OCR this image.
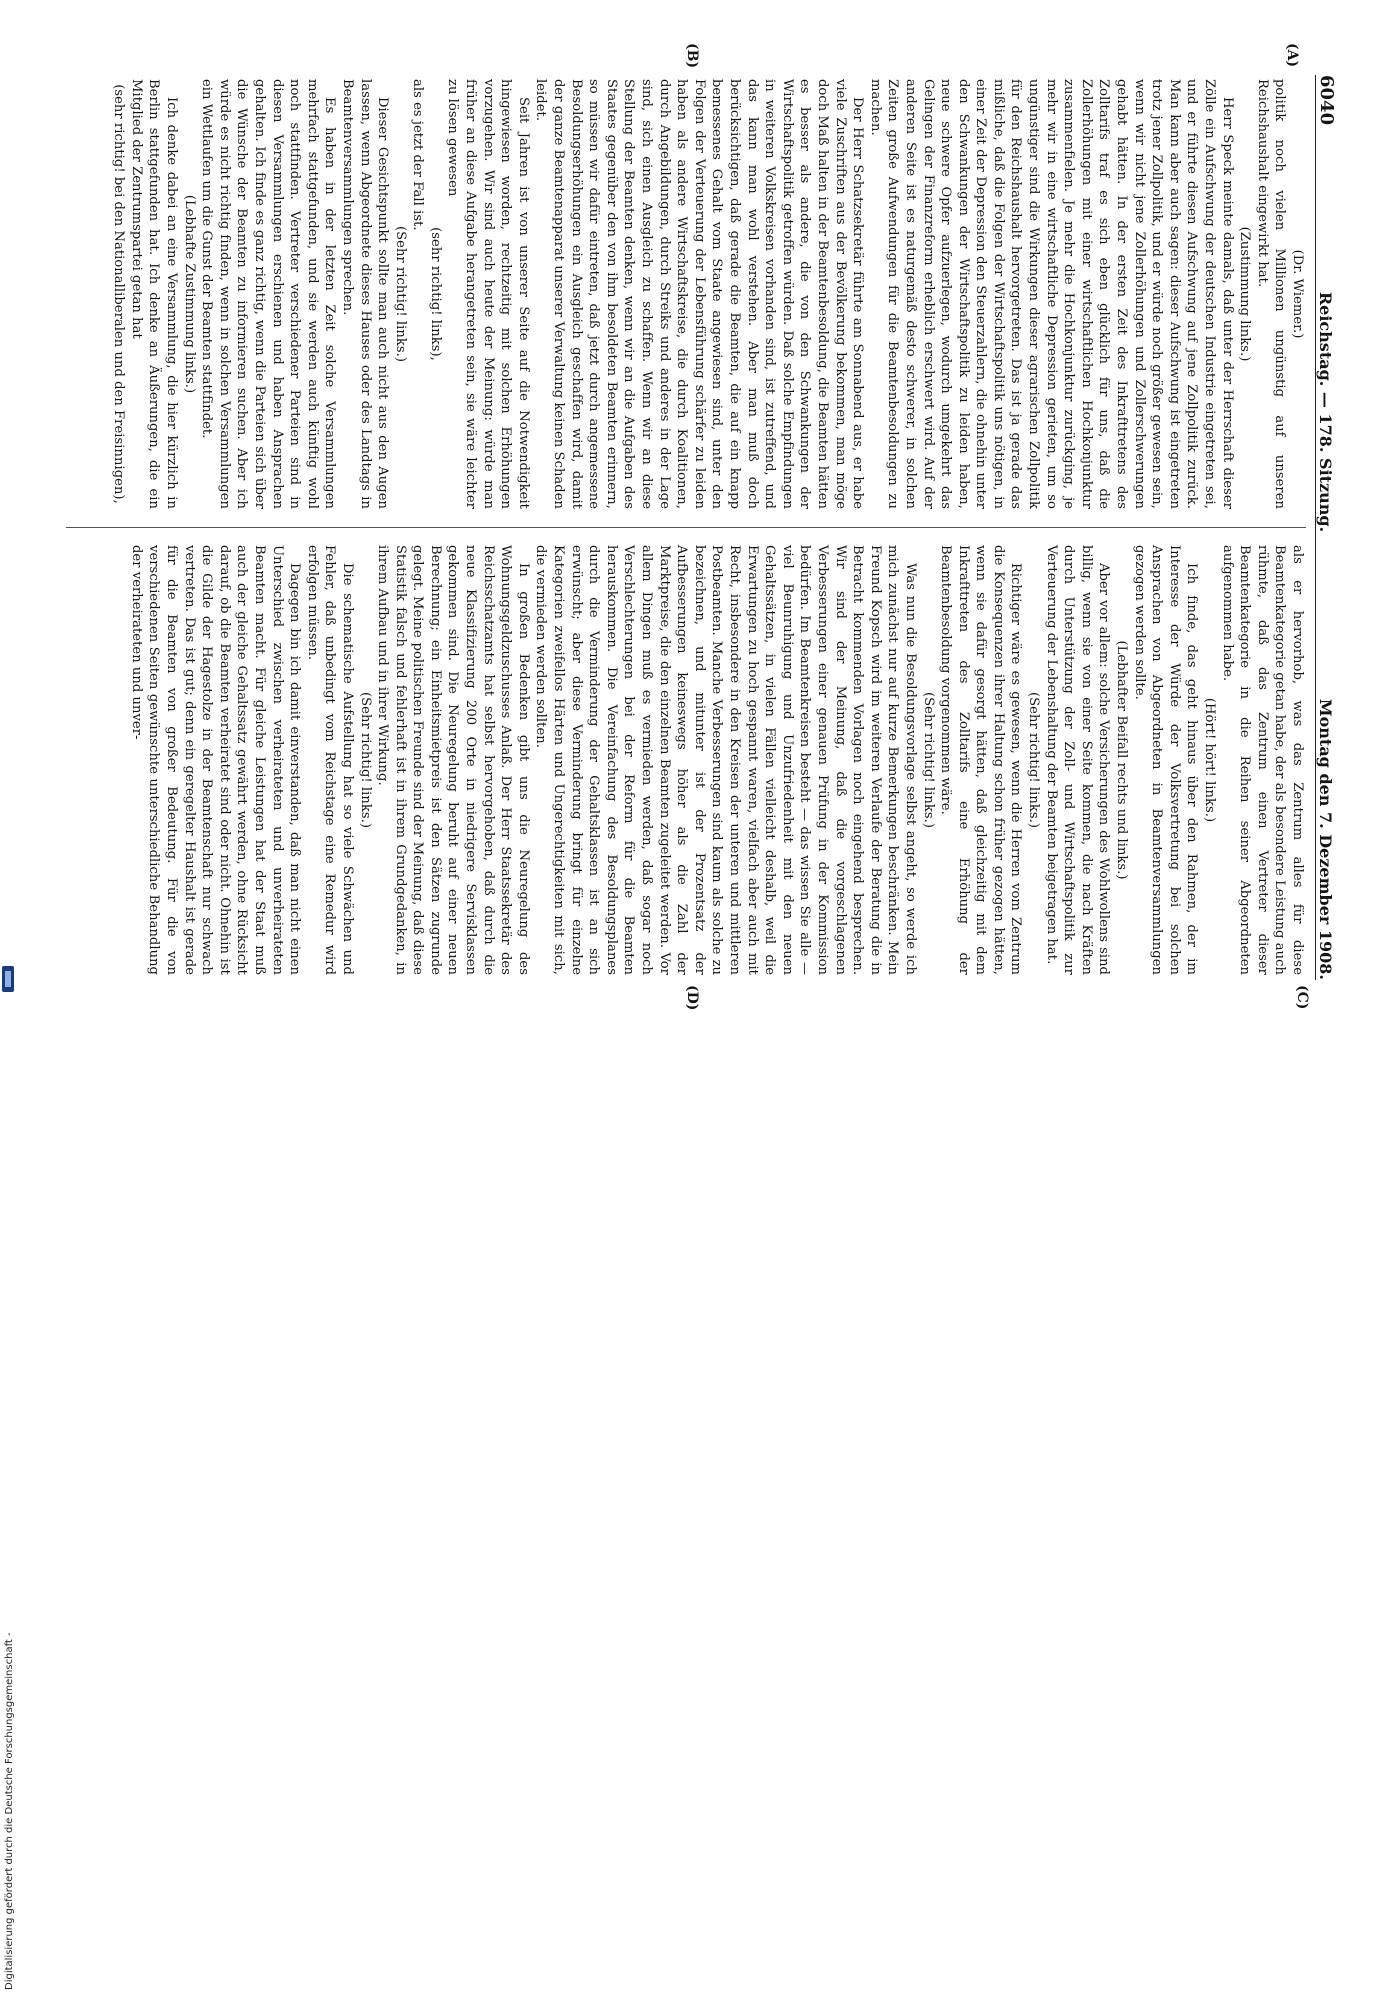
6040
Reichstag. — 178. Sitzung.
Montag den 7. Dezember 1908.

(Dr. Wiemer.)

politik noch vielen Millionen ungünstig auf unseren Reichshaushalt eingewirkt hat.

(Zustimmung links.)

Herr Speck meinte damals, daß unter der Herrschaft dieser Zölle ein Aufschwung der deutschen Industrie eingetreten sei, und er führte diesen Aufschwung auf jene Zollpolitik zurück. Man kann aber auch sagen: dieser Aufschwung ist eingetreten trotz jener Zollpolitik, und er würde noch größer gewesen sein, wenn wir nicht jene Zollerhöhungen und Zollerschwerungen gehabt hätten. In der ersten Zeit des Inkrafttretens des Zolltarifs traf es sich eben glücklich für uns, daß die Zollerhöhungen mit einer wirtschaftlichen Hochkonjunktur zusammenfielen. Je mehr die Hochkonjunktur zurückging, je mehr wir in eine wirtschaftliche Depression gerieten, um so ungünstiger sind die Wirkungen dieser agrarischen Zollpolitik für den Reichshaushalt hervorgetreten. Das ist ja gerade das mißliche, daß die Folgen der Wirtschaftspolitik uns nötigen, in einer Zeit der Depression den Steuerzahlern, die ohnehin unter den Schwankungen der Wirtschaftspolitik zu leiden haben, neue schwere Opfer aufzuerlegen, wodurch umgekehrt das Gelingen der Finanzreform erheblich erschwert wird. Auf der anderen Seite ist es naturgemäß desto schwerer, in solchen Zeiten große Aufwendungen für die Beamtenbesoldungen zu machen.

Der Herr Schatzsekretär führte am Sonnabend aus, er habe viele Zuschriften aus der Bevölkerung bekommen, man möge doch Maß halten in der Beamtenbesoldung, die Beamten hätten es besser als andere, die von den Schwankungen der Wirtschaftspolitik getroffen würden. Daß solche Empfindungen in weiteren Volkskreisen vorhanden sind, ist zutreffend, und das kann man wohl verstehen. Aber man muß doch berücksichtigen, daß gerade die Beamten, die auf ein knapp bemessenes Gehalt vom Staate angewiesen sind, unter den Folgen der Verteuerung der Lebensführung schärfer zu leiden haben als andere Wirtschaftskreise, die durch Koalitionen, durch Angebildungen, durch Streiks und anderes in der Lage sind, sich einen Ausgleich zu schaffen. Wenn wir an diese Stellung der Beamten denken, wenn wir an die Aufgaben des Staates gegenüber den von ihm besoldeten Beamten erinnern, so müssen wir dafür eintreten, daß jetzt durch angemessene Besoldungserhöhungen ein Ausgleich geschaffen wird, damit der ganze Beamtenapparat unserer Verwaltung keinen Schaden leidet.

Seit Jahren ist von unserer Seite auf die Notwendigkeit hingewiesen worden, rechtzeitig mit solchen Erhöhungen vorzugehen. Wir sind auch heute der Meinung: würde man früher an diese Aufgabe herangetreten sein, sie wäre leichter zu lösen gewesen

(sehr richtig! links),

als es jetzt der Fall ist.

(Sehr richtig! links.)

Dieser Gesichtspunkt sollte man auch nicht aus den Augen lassen, wenn Abgeordnete dieses Hauses oder des Landtags in Beamtenversammlungen sprechen.

Es haben in der letzten Zeit solche Versammlungen mehrfach stattgefunden, und sie werden auch künftig wohl noch stattfinden. Vertreter verschiedener Parteien sind in diesen Versammlungen erschienen und haben Ansprachen gehalten. Ich finde es ganz richtig, wenn die Parteien sich über die Wünsche der Beamten zu informieren suchen. Aber ich würde es nicht richtig finden, wenn in solchen Versammlungen ein Wettlaufen um die Gunst der Beamten stattfindet.

(Lebhafte Zustimmung links.)

Ich denke dabei an eine Versammlung, die hier kürzlich in Berlin stattgefunden hat. Ich denke an Äußerungen, die ein Mitglied der Zentrumspartei getan hat

(sehr richtig! bei den Nationalliberalen und den Freisinnigen),

als er hervorhob, was das Zentrum alles für diese Beamtenkategorie getan habe, der als besondere Leistung auch rühmte, daß das Zentrum einen Vertreter dieser Beamtenkategorie in die Reihen seiner Abgeordneten aufgenommen habe.

(Hört! hört! links.)

Ich finde, das geht hinaus über den Rahmen, der im Interesse der Würde der Volksvertretung bei solchen Ansprachen von Abgeordneten in Beamtenversammlungen gezogen werden sollte.

(Lebhafter Beifall rechts und links.)

Aber vor allem: solche Versicherungen des Wohlwollens sind billig, wenn sie von einer Seite kommen, die nach Kräften durch Unterstützung der Zoll- und Wirtschaftspolitik zur Verteuerung der Lebenshaltung der Beamten beigetragen hat.

(Sehr richtig! links.)

Richtiger wäre es gewesen, wenn die Herren vom Zentrum die Konsequenzen ihrer Haltung schon früher gezogen hätten, wenn sie dafür gesorgt hätten, daß gleichzeitig mit dem Inkrafttreten des Zolltarifs eine Erhöhung der Beamtenbesoldung vorgenommen wäre.

(Sehr richtig! links.)

Was nun die Besoldungsvorlage selbst angeht, so werde ich mich zunächst nur auf kurze Bemerkungen beschränken. Mein Freund Kopsch wird im weiteren Verlaufe der Beratung die in Betracht kommenden Vorlagen noch eingehend besprechen. Wir sind der Meinung, daß die vorgeschlagenen Verbesserungen einer genauen Prüfung in der Kommission bedürfen. Im Beamtenkreisen besteht — das wissen Sie alle — viel Beunruhigung und Unzufriedenheit mit den neuen Gehaltssätzen, in vielen Fällen vielleicht deshalb, weil die Erwartungen zu hoch gespannt waren, vielfach aber auch mit Recht, insbesondere in den Kreisen der unteren und mittleren Postbeamten. Manche Verbesserungen sind kaum als solche zu bezeichnen, und mitunter ist der Prozentsatz der Aufbesserungen keineswegs höher als die Zahl der Marktpreise, die den einzelnen Beamten zugeleitet werden. Vor allem Dingen muß es vermieden werden, daß sogar noch Verschlechterungen bei der Reform für die Beamten herauskommen. Die Vereinfachung des Besoldungsplanes durch die Verminderung der Gehaltsklassen ist an sich erwünscht; aber diese Verminderung bringt für einzelne Kategorien zweifellos Härten und Ungerechtigkeiten mit sich, die vermieden werden sollten.

In großen Bedenken gibt uns die Neuregelung des Wohnungsgeldzuschusses Anlaß. Der Herr Staatssekretär des Reichsschatzamts hat selbst hervorgehoben, daß durch die neue Klassifizierung 200 Orte in niedrigere Servisklassen gekommen sind. Die Neuregelung beruht auf einer neuen Berechnung; ein Einheitsmietpreis ist den Sätzen zugrunde gelegt. Meine politischen Freunde sind der Meinung, daß diese Statistik falsch und fehlerhaft ist in ihrem Grundgedanken, in ihrem Aufbau und in ihrer Wirkung.

(Sehr richtig! links.)

Die schematische Aufstellung hat so viele Schwächen und Fehler, daß unbedingt vom Reichstage eine Remedur wird erfolgen müssen.

Dagegen bin ich damit einverstanden, daß man nicht einen Unterschied zwischen verheirateten und unverheirateten Beamten macht. Für gleiche Leistungen hat der Staat muß auch der gleiche Gehaltssatz gewährt werden, ohne Rücksicht darauf, ob die Beamten verheiratet sind oder nicht. Ohnehin ist die Gilde der Hagestolze in der Beamtenschaft nur schwach vertreten. Das ist gut; denn ein geregelter Haushalt ist gerade für die Beamten von großer Bedeutung. Für die von verschiedenen Seiten gewünschte unterschiedliche Behandlung der verheirateten und unver-

(A)
(B)
(C)
(D)
Digitalisierung gefördert durch die Deutsche Forschungsgemeinschaft -
